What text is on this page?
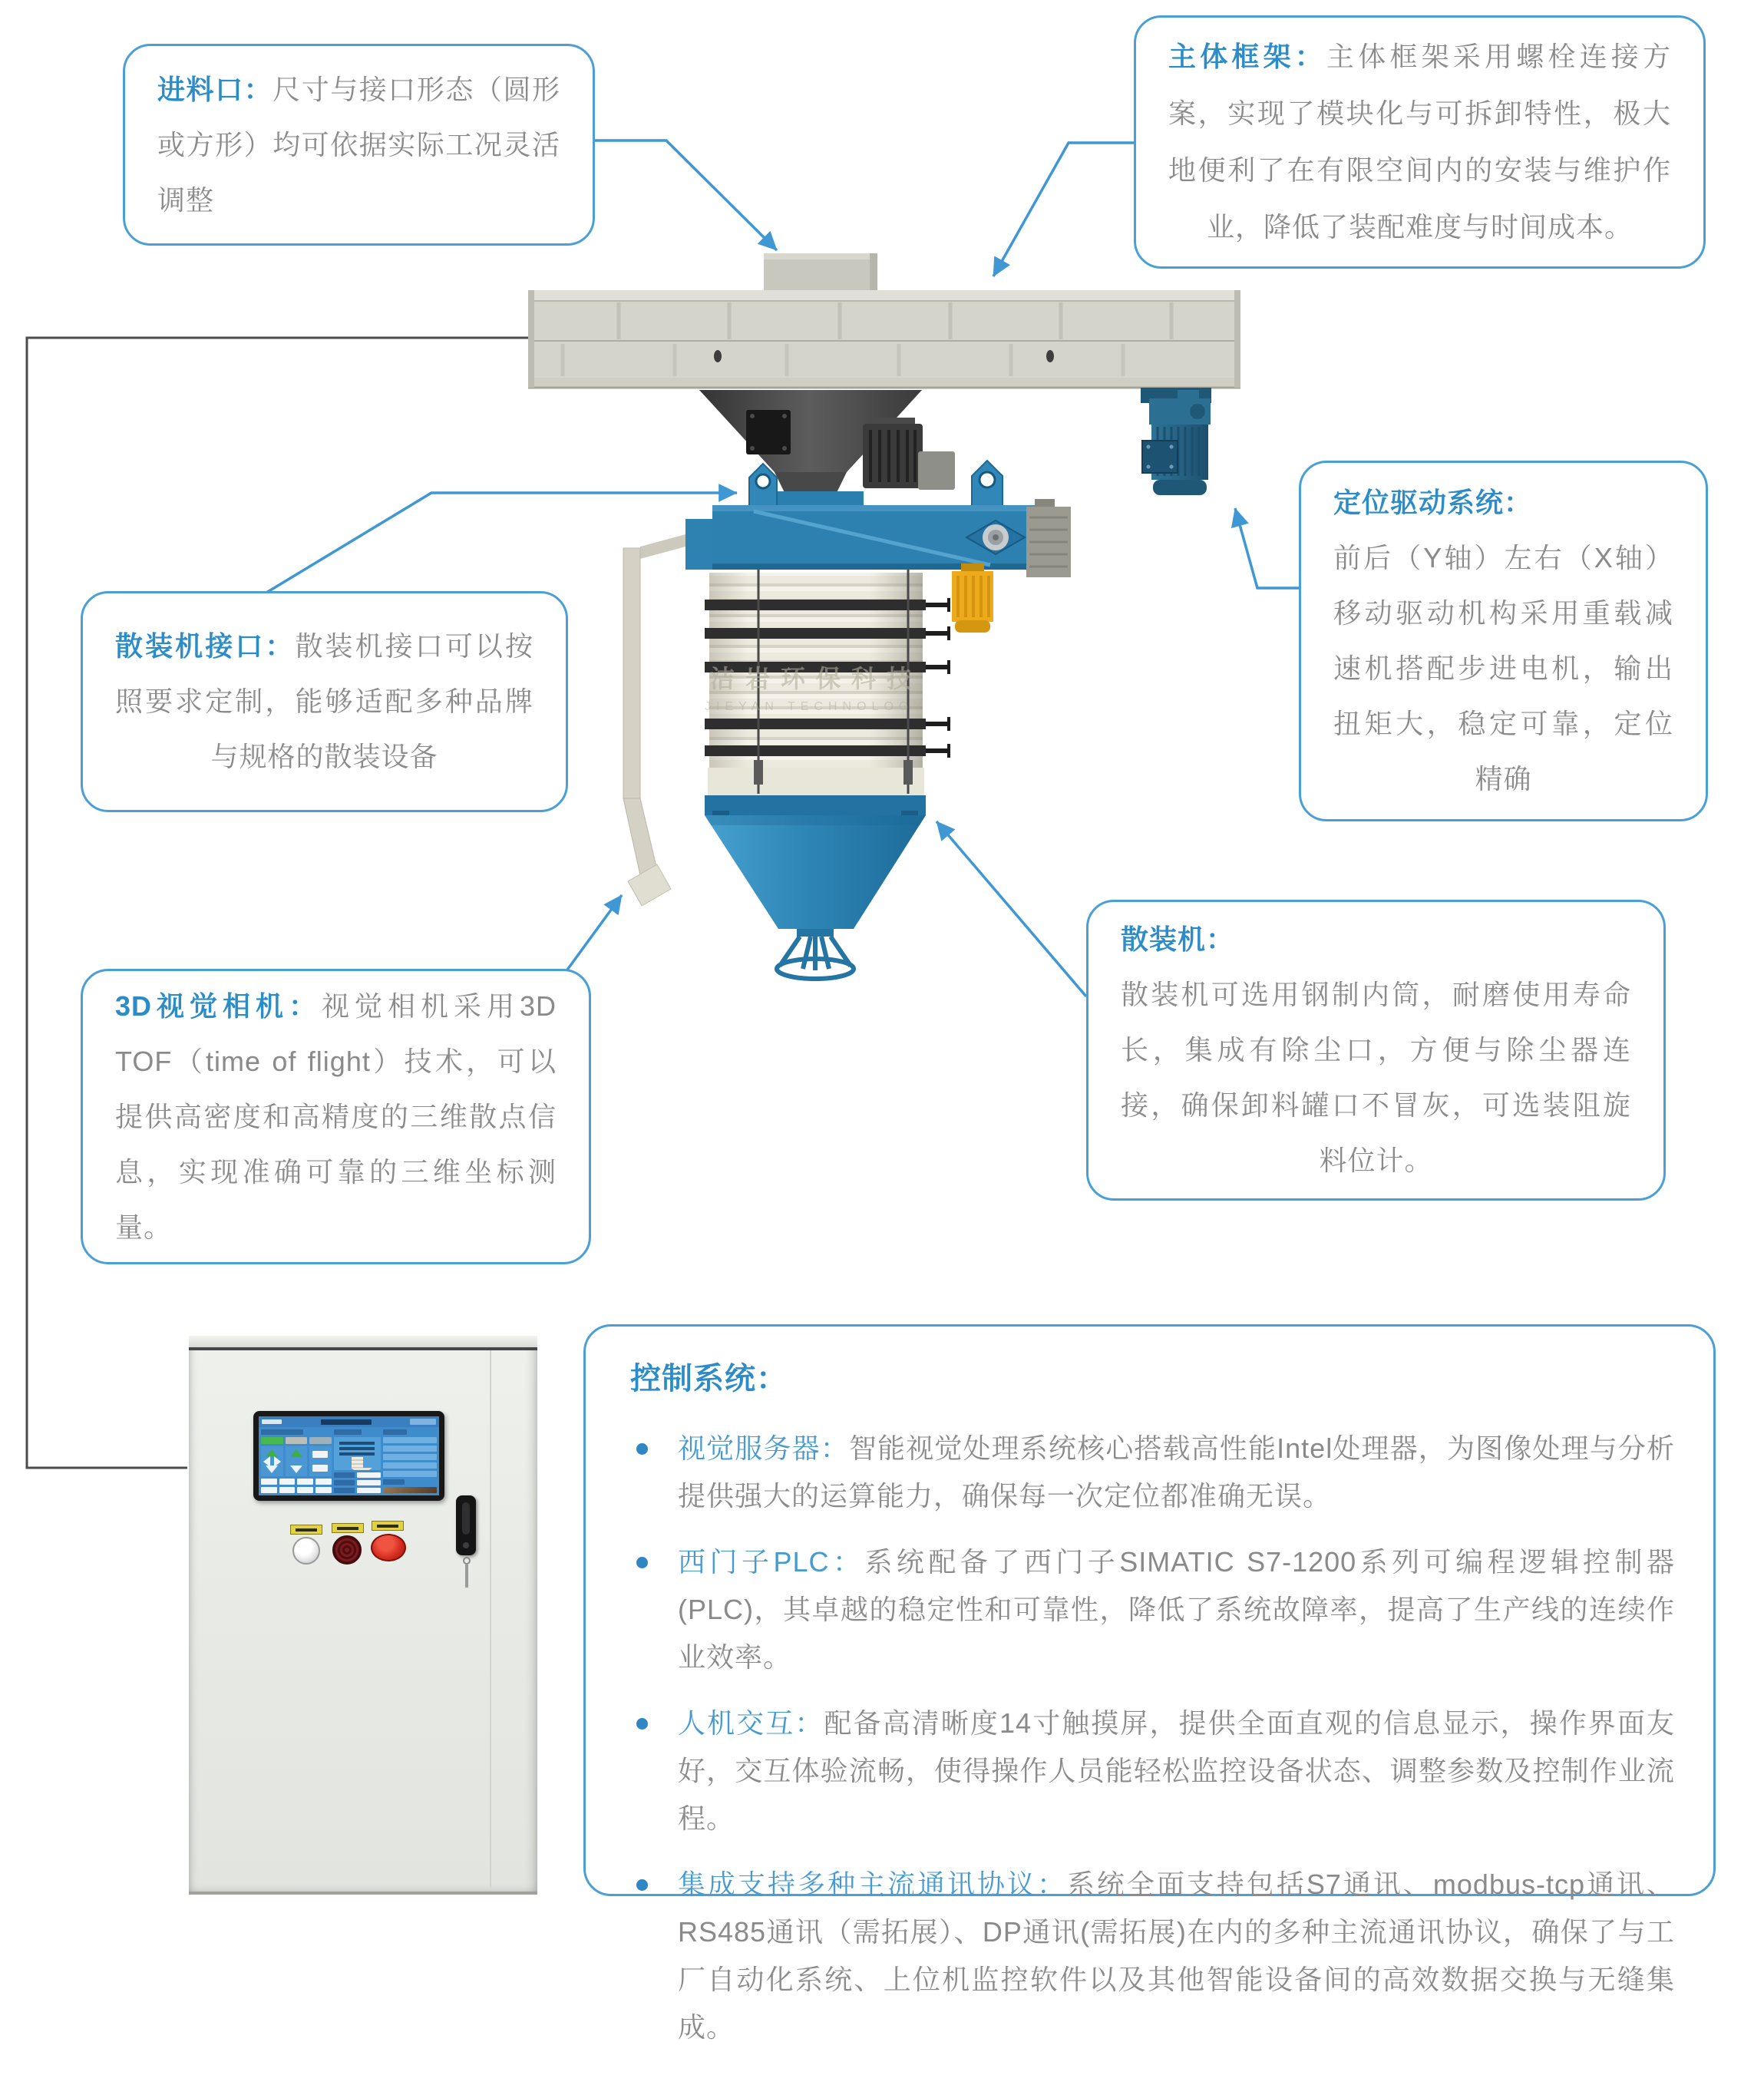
洁岩环保科技
JIEYAN TECHNOLOGY
进料口：尺寸与接口形态（圆形或方形）均可依据实际工况灵活调整
主体框架：主体框架采用螺栓连接方案，实现了模块化与可拆卸特性，极大地便利了在有限空间内的安装与维护作业，降低了装配难度与时间成本。
定位驱动系统：
前后（Y轴）左右（X轴）移动驱动机构采用重载减速机搭配步进电机，输出扭矩大，稳定可靠，定位精确
散装机接口：散装机接口可以按照要求定制，能够适配多种品牌与规格的散装设备
3D视觉相机：视觉相机采用3D TOF（time of flight）技术，可以提供高密度和高精度的三维散点信息，实现准确可靠的三维坐标测量。
散装机：
散装机可选用钢制内筒，耐磨使用寿命长，集成有除尘口，方便与除尘器连接，确保卸料罐口不冒灰，可选装阻旋料位计。
控制系统：
视觉服务器：智能视觉处理系统核心搭载高性能Intel处理器，为图像处理与分析提供强大的运算能力，确保每一次定位都准确无误。
西门子PLC：系统配备了西门子SIMATIC S7-1200系列可编程逻辑控制器(PLC)，其卓越的稳定性和可靠性，降低了系统故障率，提高了生产线的连续作业效率。
人机交互：配备高清晰度14寸触摸屏，提供全面直观的信息显示，操作界面友好，交互体验流畅，使得操作人员能轻松监控设备状态、调整参数及控制作业流程。
集成支持多种主流通讯协议：系统全面支持包括S7通讯、modbus-tcp通讯、RS485通讯（需拓展）、DP通讯(需拓展)在内的多种主流通讯协议，确保了与工厂自动化系统、上位机监控软件以及其他智能设备间的高效数据交换与无缝集成。
